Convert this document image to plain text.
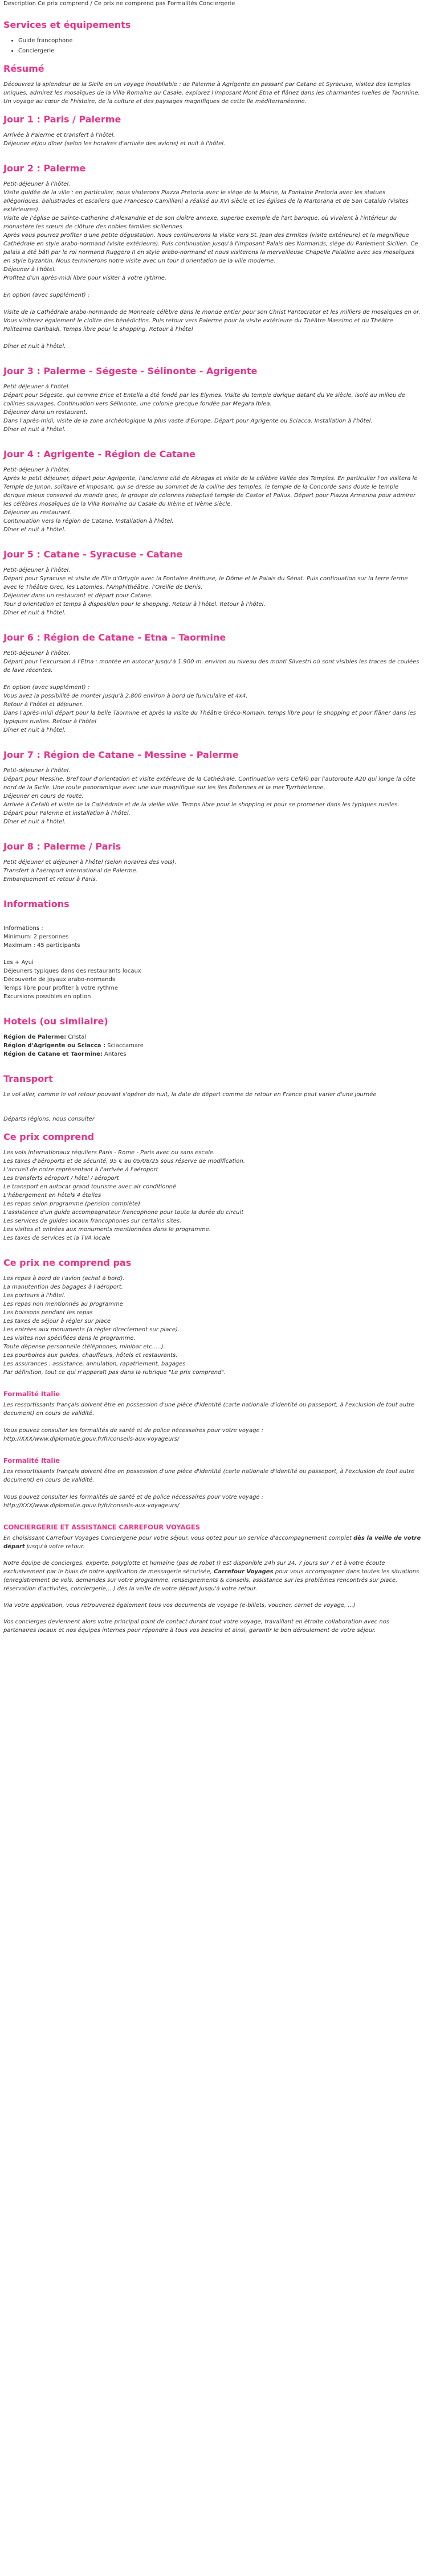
Description Ce prix comprend / Ce prix ne comprend pas Formalités Conciergerie
Services et équipements
• Guide francophone
• Conciergerie
Résumé

Découvrez la splendeur de la Sicile en un voyage inoubliable : de Palerme à Agrigente en passant par Catane et Syracuse, visitez des temples uniques, admirez les mosaïques de la Villa Romaine du Casale, explorez l'imposant Mont Etna et flânez dans les charmantes ruelles de Taormine. Un voyage au cœur de l'histoire, de la culture et des paysages magnifiques de cette île méditerranéenne.

Jour 1 : Paris / Palerme
Arrivée à Palerme et transfert à l'hôtel.
Déjeuner et/ou dîner (selon les horaires d'arrivée des avions) et nuit à l'hôtel.
Jour 2 : Palerme
Petit-déjeuner à l'hôtel.
Visite guidée de la ville : en particulier, nous visiterons Piazza Pretoria avec le siège de la Mairie, la Fontaine Pretoria avec les statues allégoriques, balustrades et escaliers que Francesco Camilliani a réalisé au XVI siècle et les églises de la Martorana et de San Cataldo (visites extérieures).
Visite de l'église de Sainte-Catherine d'Alexandrie et de son cloître annexe, superbe exemple de l'art baroque, où vivaient à l'intérieur du monastère les sœurs de clôture des nobles familles siciliennes.
Après vous pourrez profiter d'une petite dégustation. Nous continuerons la visite vers St. Jean des Ermites (visite extérieure) et la magnifique Cathédrale en style arabo-normand (visite extérieure). Puis continuation jusqu'à l'imposant Palais des Normands, siège du Parlement Sicilien. Ce palais a été bâti par le roi normand Ruggero II en style arabo-normand et nous visiterons la merveilleuse Chapelle Palatine avec ses mosaïques en style byzantin. Nous terminerons notre visite avec un tour d'orientation de la ville moderne.
Déjeuner à l'hôtel.
Profitez d'un après-midi libre pour visiter à votre rythme.
En option (avec supplément) :
Visite de la Cathédrale arabo-normande de Monreale célèbre dans le monde entier pour son Christ Pantocrator et les milliers de mosaïques en or. Vous visiterez également le cloître des bénédictins. Puis retour vers Palerme pour la visite extérieure du Théâtre Massimo et du Théâtre Politeama Garibaldi. Temps libre pour le shopping. Retour à l'hôtel
Dîner et nuit à l'hôtel.
Jour 3 : Palerme - Ségeste - Sélinonte - Agrigente
Petit déjeuner à l'hôtel.
Départ pour Ségeste, qui comme Erice et Entella a été fondé par les Élymes. Visite du temple dorique datant du Ve siècle, isolé au milieu de collines sauvages. Continuation vers Sélinonte, une colonie grecque fondée par Megara Iblea.
Déjeuner dans un restaurant.
Dans l'après-midi, visite de la zone archéologique la plus vaste d'Europe. Départ pour Agrigente ou Sciacca. Installation à l'hôtel.
Dîner et nuit à l'hôtel.
Jour 4 : Agrigente - Région de Catane
Petit-déjeuner à l'hôtel.
Après le petit déjeuner, départ pour Agrigente, l'ancienne cité de Akragas et visite de la célèbre Vallée des Temples. En particulier l'on visitera le Temple de Junon, solitaire et imposant, qui se dresse au sommet de la colline des temples, le temple de la Concorde sans doute le temple dorique mieux conservé du monde grec, le groupe de colonnes rabaptisé temple de Castor et Pollux. Départ pour Piazza Armerina pour admirer les célèbres mosaïques de la Villa Romaine du Casale du IIIème et IVème siècle.
Déjeuner au restaurant.
Continuation vers la région de Catane. Installation à l'hôtel.
Dîner et nuit à l'hôtel.
Jour 5 : Catane - Syracuse - Catane
Petit-déjeuner à l'hôtel.
Départ pour Syracuse et visite de l'île d'Ortygie avec la Fontaine Aréthuse, le Dôme et le Palais du Sénat. Puis continuation sur la terre ferme avec le Théâtre Grec, les Latomies, l'Amphithéâtre, l'Oreille de Denis.
Déjeuner dans un restaurant et départ pour Catane.
Tour d'orientation et temps à disposition pour le shopping. Retour à l'hôtel. Retour à l'hôtel.
Dîner et nuit à l'hôtel.
Jour 6 : Région de Catane - Etna – Taormine
Petit-déjeuner à l'hôtel.
Départ pour l'excursion à l'Etna : montée en autocar jusqu'à 1.900 m. environ au niveau des monti Silvestri où sont visibles les traces de coulées de lave récentes.
En option (avec supplément) :
Vous avez la possibilité de monter jusqu'à 2.800 environ à bord de funiculaire et 4x4.
Retour à l'hôtel et déjeuner.
Dans l'après-midi départ pour la belle Taormine et après la visite du Théâtre Gréco-Romain, temps libre pour le shopping et pour flâner dans les typiques ruelles. Retour à l'hôtel
Dîner et nuit à l'hôtel.
Jour 7 : Région de Catane - Messine - Palerme
Petit-déjeuner à l'hôtel.
Départ pour Messine. Bref tour d'orientation et visite extérieure de la Cathédrale. Continuation vers Cefalù par l'autoroute A20 qui longe la côte nord de la Sicile. Une route panoramique avec une vue magnifique sur les îles Eoliennes et la mer Tyrrhénienne.
Déjeuner en cours de route.
Arrivée à Cefalù et visite de la Cathédrale et de la vieille ville. Temps libre pour le shopping et pour se promener dans les typiques ruelles.
Départ pour Palerme et installation à l'hôtel.
Dîner et nuit à l'hôtel.
Jour 8 : Palerme / Paris
Petit déjeuner et déjeuner à l'hôtel (selon horaires des vols).
Transfert à l'aéroport international de Palerme.
Embarquement et retour à Paris.
Informations
Informations :
Minimum: 2 personnes
Maximum : 45 participants
Les + Ayui
Déjeuners typiques dans des restaurants locaux
Découverte de joyaux arabo-normands
Temps libre pour profiter à votre rythme
Excursions possibles en option
Hotels (ou similaire)
Région de Palerme: Cristal
Région d'Agrigente ou Sciacca : Sciaccamare
Région de Catane et Taormine: Antares
Transport

Le vol aller, comme le vol retour pouvant s'opérer de nuit, la date de départ comme de retour en France peut varier d'une journée

Départs régions, nous consulter

Ce prix comprend
Les vols internationaux réguliers Paris - Rome - Paris avec ou sans escale.
Les taxes d'aéroports et de sécurité, 95 € au 05/08/25 sous réserve de modification.
L'accueil de notre représentant à l'arrivée à l'aéroport
Les transferts aéroport / hôtel / aéroport
Le transport en autocar grand tourisme avec air conditionné
L'hébergement en hôtels 4 étoiles
Les repas selon programme (pension complète)
L'assistance d'un guide accompagnateur francophone pour toute la durée du circuit
Les services de guides locaux francophones sur certains sites.
Les visites et entrées aux monuments mentionnées dans le programme.
Les taxes de services et la TVA locale
Ce prix ne comprend pas
Les repas à bord de l'avion (achat à bord).
La manutention des bagages à l'aéroport.
Les porteurs à l'hôtel.
Les repas non mentionnés au programme
Les boissons pendant les repas
Les taxes de séjour à régler sur place
Les entrées aux monuments (à régler directement sur place).
Les visites non spécifiées dans le programme.
Toute dépense personnelle (téléphones, minibar etc.....).
Les pourboires aux guides, chauffeurs, hôtels et restaurants.
Les assurances : assistance, annulation, rapatriement, bagages
Par définition, tout ce qui n'apparaît pas dans la rubrique "Le prix comprend".
Formalité Italie
Les ressortissants français doivent être en possession d'une pièce d'identité (carte nationale d'identité ou passeport, à l'exclusion de tout autre document) en cours de validité.
Vous pouvez consulter les formalités de santé et de police nécessaires pour votre voyage :
http://XXX/www.diplomatie.gouv.fr/fr/conseils-aux-voyageurs/
Formalité Italie
Les ressortissants français doivent être en possession d'une pièce d'identité (carte nationale d'identité ou passeport, à l'exclusion de tout autre document) en cours de validité.
Vous pouvez consulter les formalités de santé et de police nécessaires pour votre voyage :
http://XXX/www.diplomatie.gouv.fr/fr/conseils-aux-voyageurs/
CONCIERGERIE ET ASSISTANCE CARREFOUR VOYAGES

En choisissant Carrefour Voyages Conciergerie pour votre séjour, vous optez pour un service d'accompagnement complet dès la veille de votre départ jusqu'à votre retour.

Notre équipe de concierges, experte, polyglotte et humaine (pas de robot !) est disponible 24h sur 24, 7 jours sur 7 et à votre écoute exclusivement par le biais de notre application de messagerie sécurisée, Carrefour Voyages pour vous accompagner dans toutes les situations (enregistrement de vols, demandes sur votre programme, renseignements & conseils, assistance sur les problèmes rencontrés sur place, réservation d'activités, conciergerie,...) dès la veille de votre départ jusqu'à votre retour.

Via votre application, vous retrouverez également tous vos documents de voyage (e-billets, voucher, carnet de voyage, ...)

Vos concierges deviennent alors votre principal point de contact durant tout votre voyage, travaillant en étroite collaboration avec nos partenaires locaux et nos équipes internes pour répondre à tous vos besoins et ainsi, garantir le bon déroulement de votre séjour.
